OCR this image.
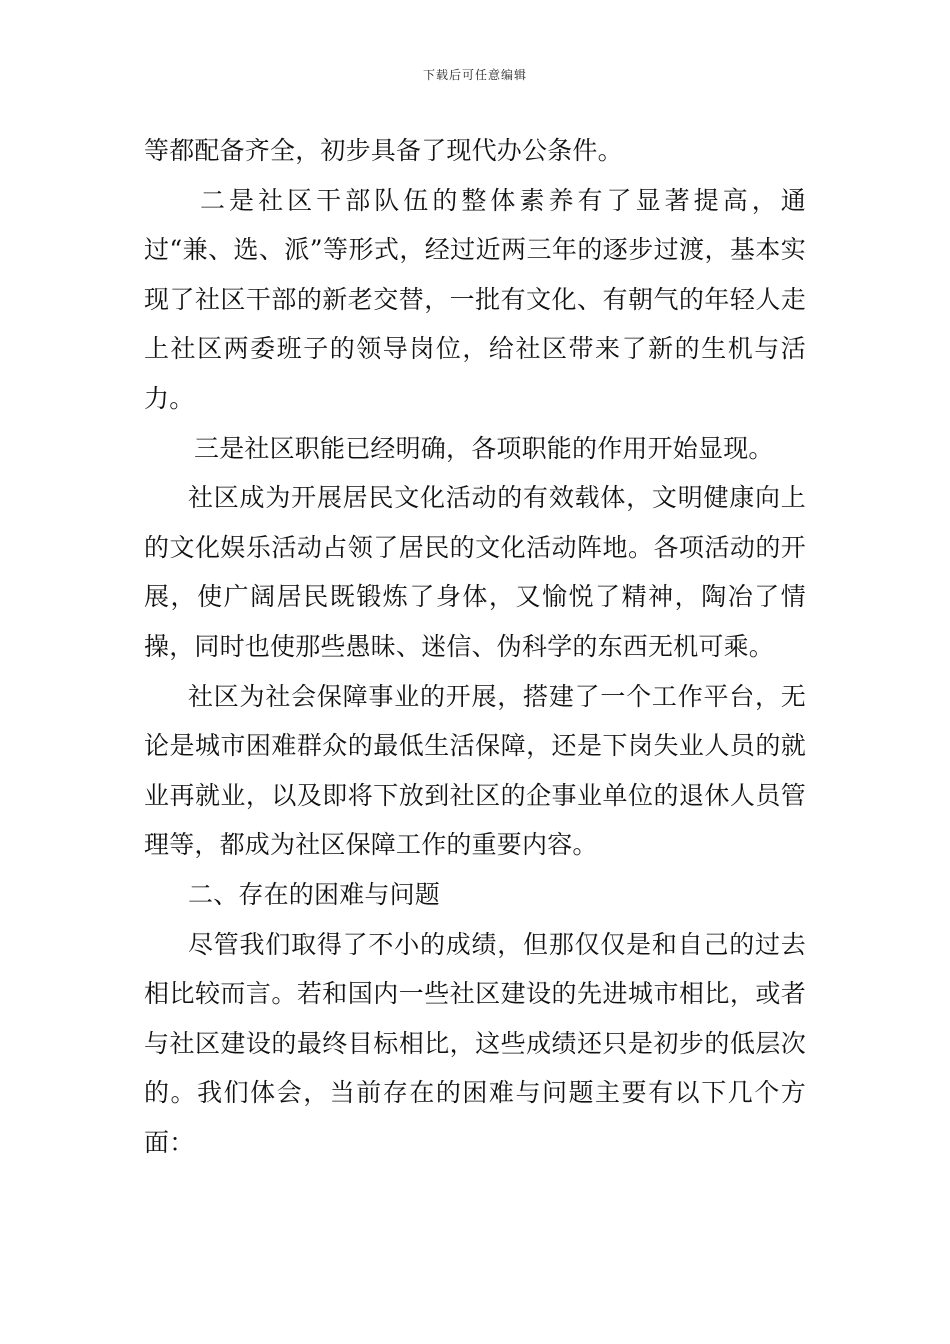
下载后可任意编辑

等都配备齐全，初步具备了现代办公条件。

二是社区干部队伍的整体素养有了显著提高，通过“兼、选、派”等形式，经过近两三年的逐步过渡，基本实现了社区干部的新老交替，一批有文化、有朝气的年轻人走上社区两委班子的领导岗位，给社区带来了新的生机与活力。

三是社区职能已经明确，各项职能的作用开始显现。

社区成为开展居民文化活动的有效载体，文明健康向上的文化娱乐活动占领了居民的文化活动阵地。各项活动的开展，使广阔居民既锻炼了身体，又愉悦了精神，陶冶了情操，同时也使那些愚昧、迷信、伪科学的东西无机可乘。

社区为社会保障事业的开展，搭建了一个工作平台，无论是城市困难群众的最低生活保障，还是下岗失业人员的就业再就业，以及即将下放到社区的企事业单位的退休人员管理等，都成为社区保障工作的重要内容。

二、存在的困难与问题

尽管我们取得了不小的成绩，但那仅仅是和自己的过去相比较而言。若和国内一些社区建设的先进城市相比，或者与社区建设的最终目标相比，这些成绩还只是初步的低层次的。我们体会，当前存在的困难与问题主要有以下几个方面：
